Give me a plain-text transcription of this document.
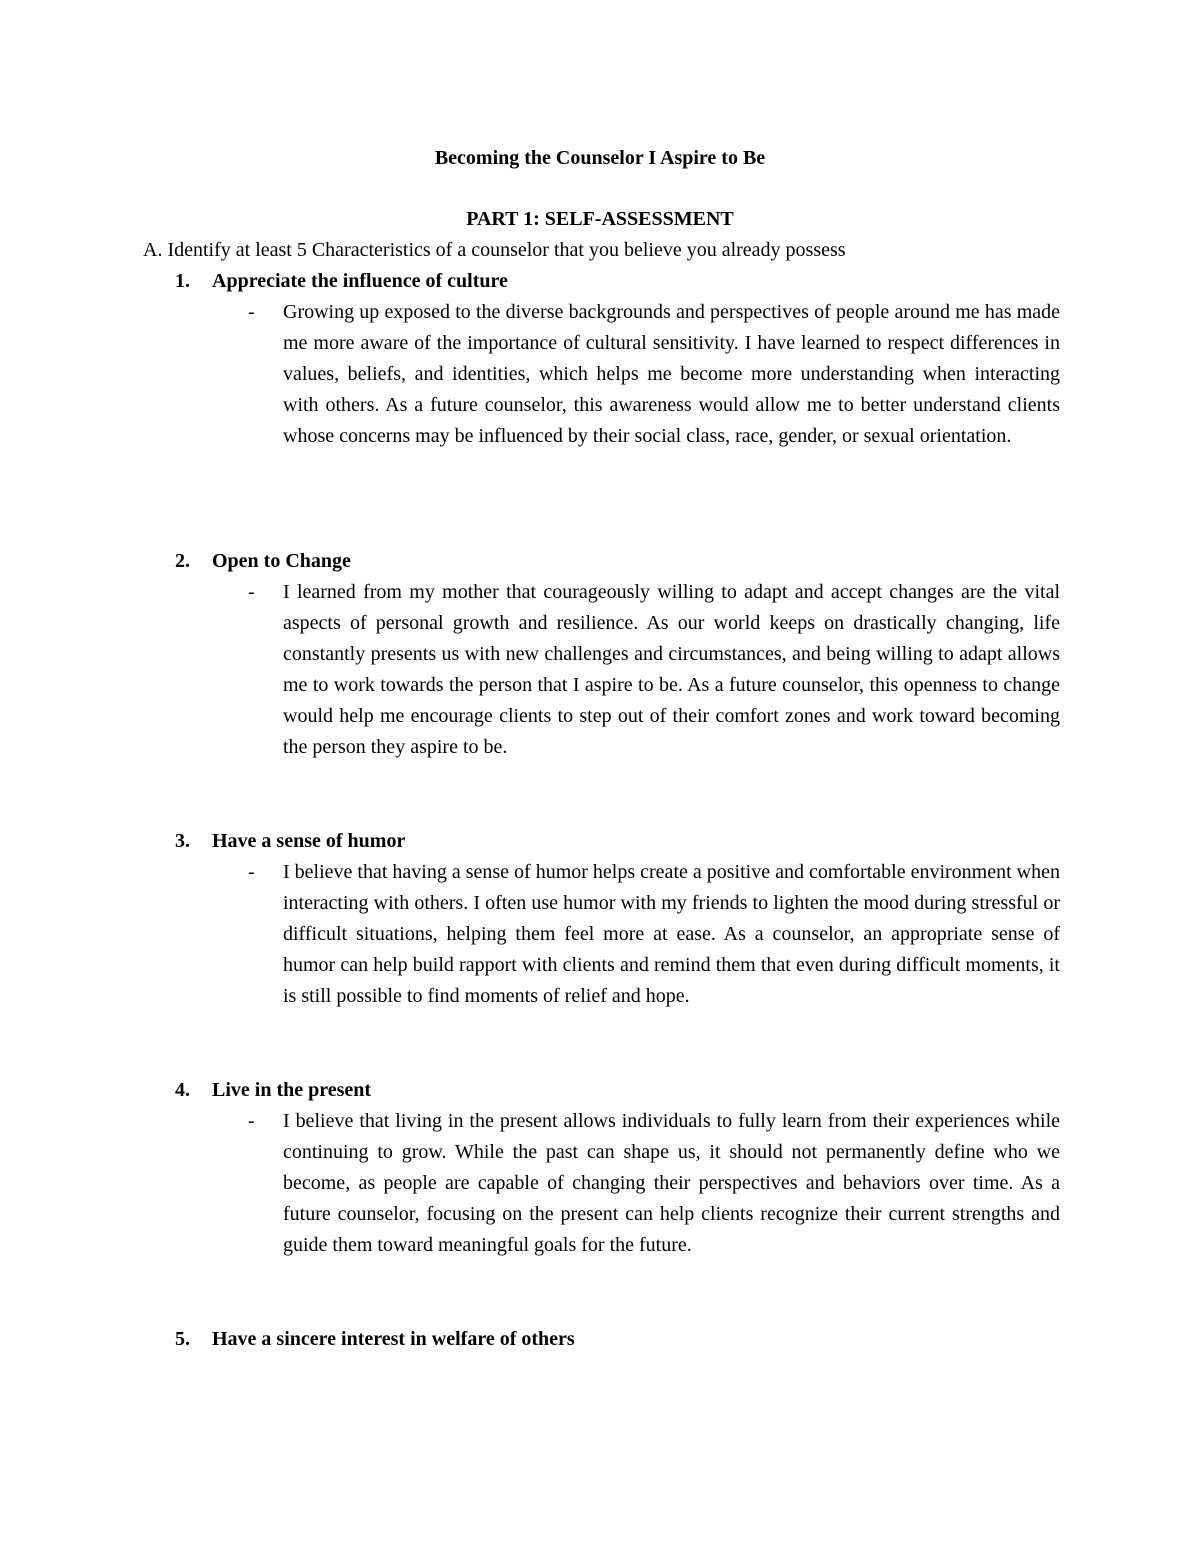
Becoming the Counselor I Aspire to Be
PART 1: SELF-ASSESSMENT

A. Identify at least 5 Characteristics of a counselor that you believe you already possess

1. Appreciate the influence of culture
- Growing up exposed to the diverse backgrounds and perspectives of people around me has made me more aware of the importance of cultural sensitivity. I have learned to respect differences in values, beliefs, and identities, which helps me become more understanding when interacting with others. As a future counselor, this awareness would allow me to better understand clients whose concerns may be influenced by their social class, race, gender, or sexual orientation.
2. Open to Change
- I learned from my mother that courageously willing to adapt and accept changes are the vital aspects of personal growth and resilience. As our world keeps on drastically changing, life constantly presents us with new challenges and circumstances, and being willing to adapt allows me to work towards the person that I aspire to be. As a future counselor, this openness to change would help me encourage clients to step out of their comfort zones and work toward becoming the person they aspire to be.
3. Have a sense of humor
- I believe that having a sense of humor helps create a positive and comfortable environment when interacting with others. I often use humor with my friends to lighten the mood during stressful or difficult situations, helping them feel more at ease. As a counselor, an appropriate sense of humor can help build rapport with clients and remind them that even during difficult moments, it is still possible to find moments of relief and hope.
4. Live in the present
- I believe that living in the present allows individuals to fully learn from their experiences while continuing to grow. While the past can shape us, it should not permanently define who we become, as people are capable of changing their perspectives and behaviors over time. As a future counselor, focusing on the present can help clients recognize their current strengths and guide them toward meaningful goals for the future.
5. Have a sincere interest in welfare of others
